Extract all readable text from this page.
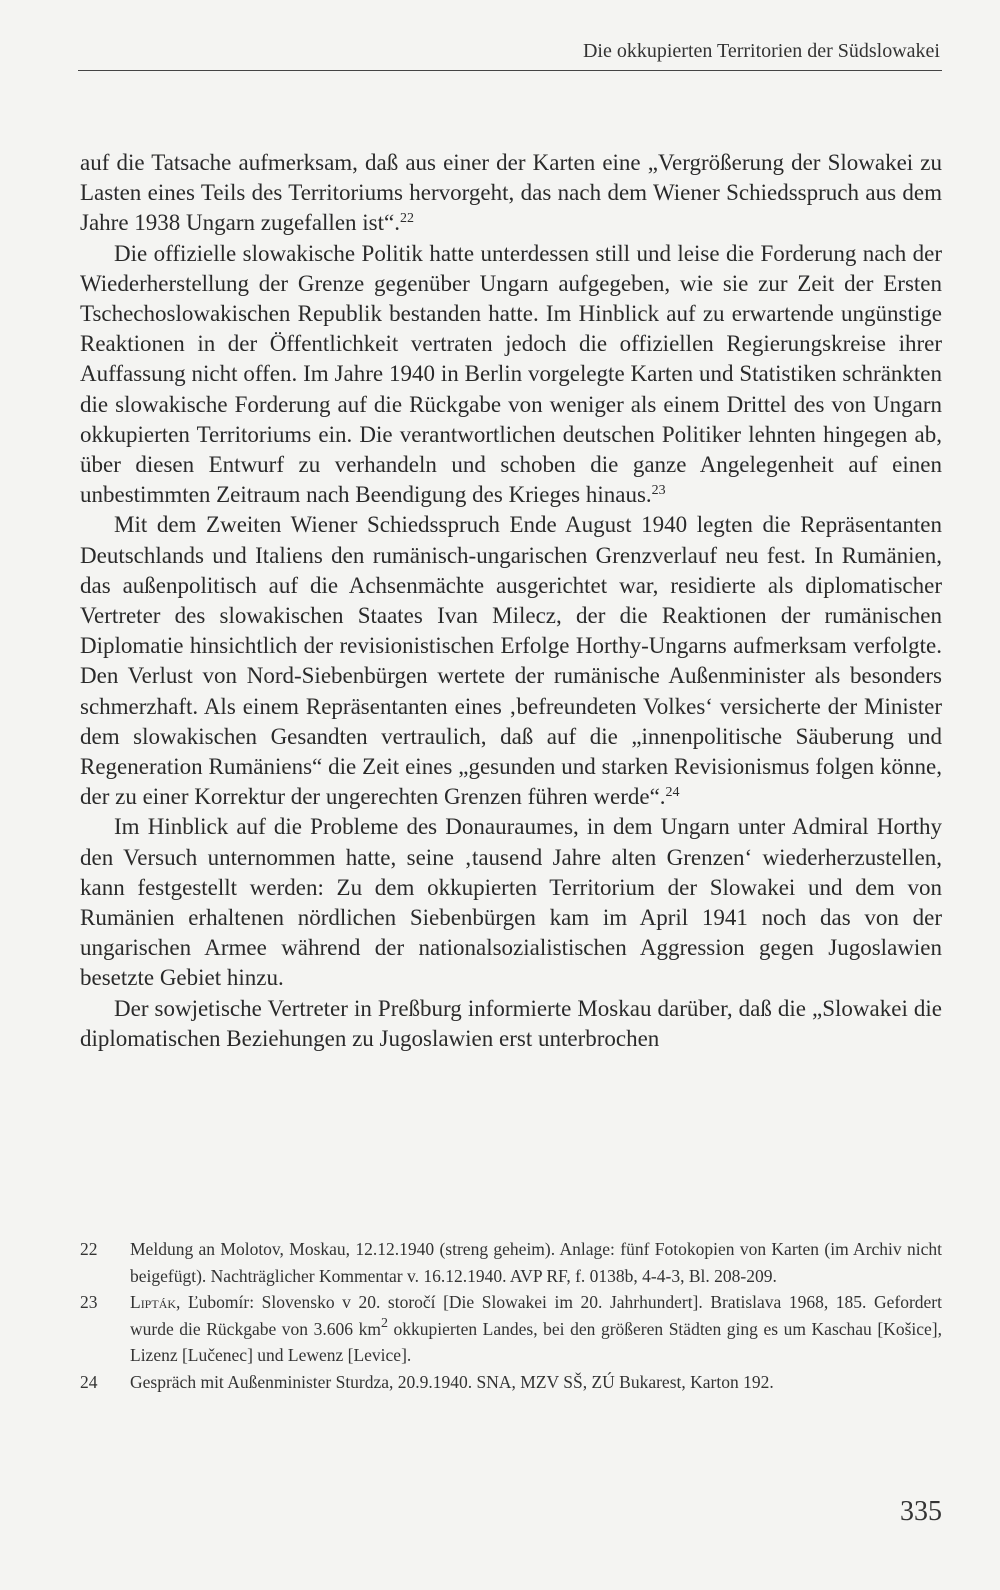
Die okkupierten Territorien der Südslowakei

auf die Tatsache aufmerksam, daß aus einer der Karten eine „Vergrößerung der Slowakei zu Lasten eines Teils des Territoriums hervorgeht, das nach dem Wiener Schiedsspruch aus dem Jahre 1938 Ungarn zugefallen ist“.$^{22}$

Die offizielle slowakische Politik hatte unterdessen still und leise die Forderung nach der Wiederherstellung der Grenze gegenüber Ungarn aufgegeben, wie sie zur Zeit der Ersten Tschechoslowakischen Republik bestanden hatte. Im Hinblick auf zu erwartende ungünstige Reaktionen in der Öffentlichkeit vertraten jedoch die offiziellen Regierungskreise ihrer Auffassung nicht offen. Im Jahre 1940 in Berlin vorgelegte Karten und Statistiken schränkten die slowakische Forderung auf die Rückgabe von weniger als einem Drittel des von Ungarn okkupierten Territoriums ein. Die verantwortlichen deutschen Politiker lehnten hingegen ab, über diesen Entwurf zu verhandeln und schoben die ganze Angelegenheit auf einen unbestimmten Zeitraum nach Beendigung des Krieges hinaus.$^{23}$

Mit dem Zweiten Wiener Schiedsspruch Ende August 1940 legten die Repräsentanten Deutschlands und Italiens den rumänisch-ungarischen Grenzverlauf neu fest. In Rumänien, das außenpolitisch auf die Achsenmächte ausgerichtet war, residierte als diplomatischer Vertreter des slowakischen Staates Ivan Milecz, der die Reaktionen der rumänischen Diplomatie hinsichtlich der revisionistischen Erfolge Horthy-Ungarns aufmerksam verfolgte. Den Verlust von Nord-Siebenbürgen wertete der rumänische Außenminister als besonders schmerzhaft. Als einem Repräsentanten eines ‚befreundeten Volkes‘ versicherte der Minister dem slowakischen Gesandten vertraulich, daß auf die „innenpolitische Säuberung und Regeneration Rumäniens“ die Zeit eines „gesunden und starken Revisionismus folgen könne, der zu einer Korrektur der ungerechten Grenzen führen werde“.$^{24}$

Im Hinblick auf die Probleme des Donauraumes, in dem Ungarn unter Admiral Horthy den Versuch unternommen hatte, seine ‚tausend Jahre alten Grenzen‘ wiederherzustellen, kann festgestellt werden: Zu dem okkupierten Territorium der Slowakei und dem von Rumänien erhaltenen nördlichen Siebenbürgen kam im April 1941 noch das von der ungarischen Armee während der nationalsozialistischen Aggression gegen Jugoslawien besetzte Gebiet hinzu.

Der sowjetische Vertreter in Preßburg informierte Moskau darüber, daß die „Slowakei die diplomatischen Beziehungen zu Jugoslawien erst unterbrochen

22	Meldung an Molotov, Moskau, 12.12.1940 (streng geheim). Anlage: fünf Fotokopien von Karten (im Archiv nicht beigefügt). Nachträglicher Kommentar v. 16.12.1940. AVP RF, f. 0138b, 4-4-3, Bl. 208-209.
23	Lipták, Ľubomír: Slovensko v 20. storočí [Die Slowakei im 20. Jahrhundert]. Bratislava 1968, 185. Gefordert wurde die Rückgabe von 3.606 $km^2$ okkupierten Landes, bei den größeren Städten ging es um Kaschau [Košice], Lizenz [Lučenec] und Lewenz [Levice].
24	Gespräch mit Außenminister Sturdza, 20.9.1940. SNA, MZV SŠ, ZÚ Bukarest, Karton 192.
335
